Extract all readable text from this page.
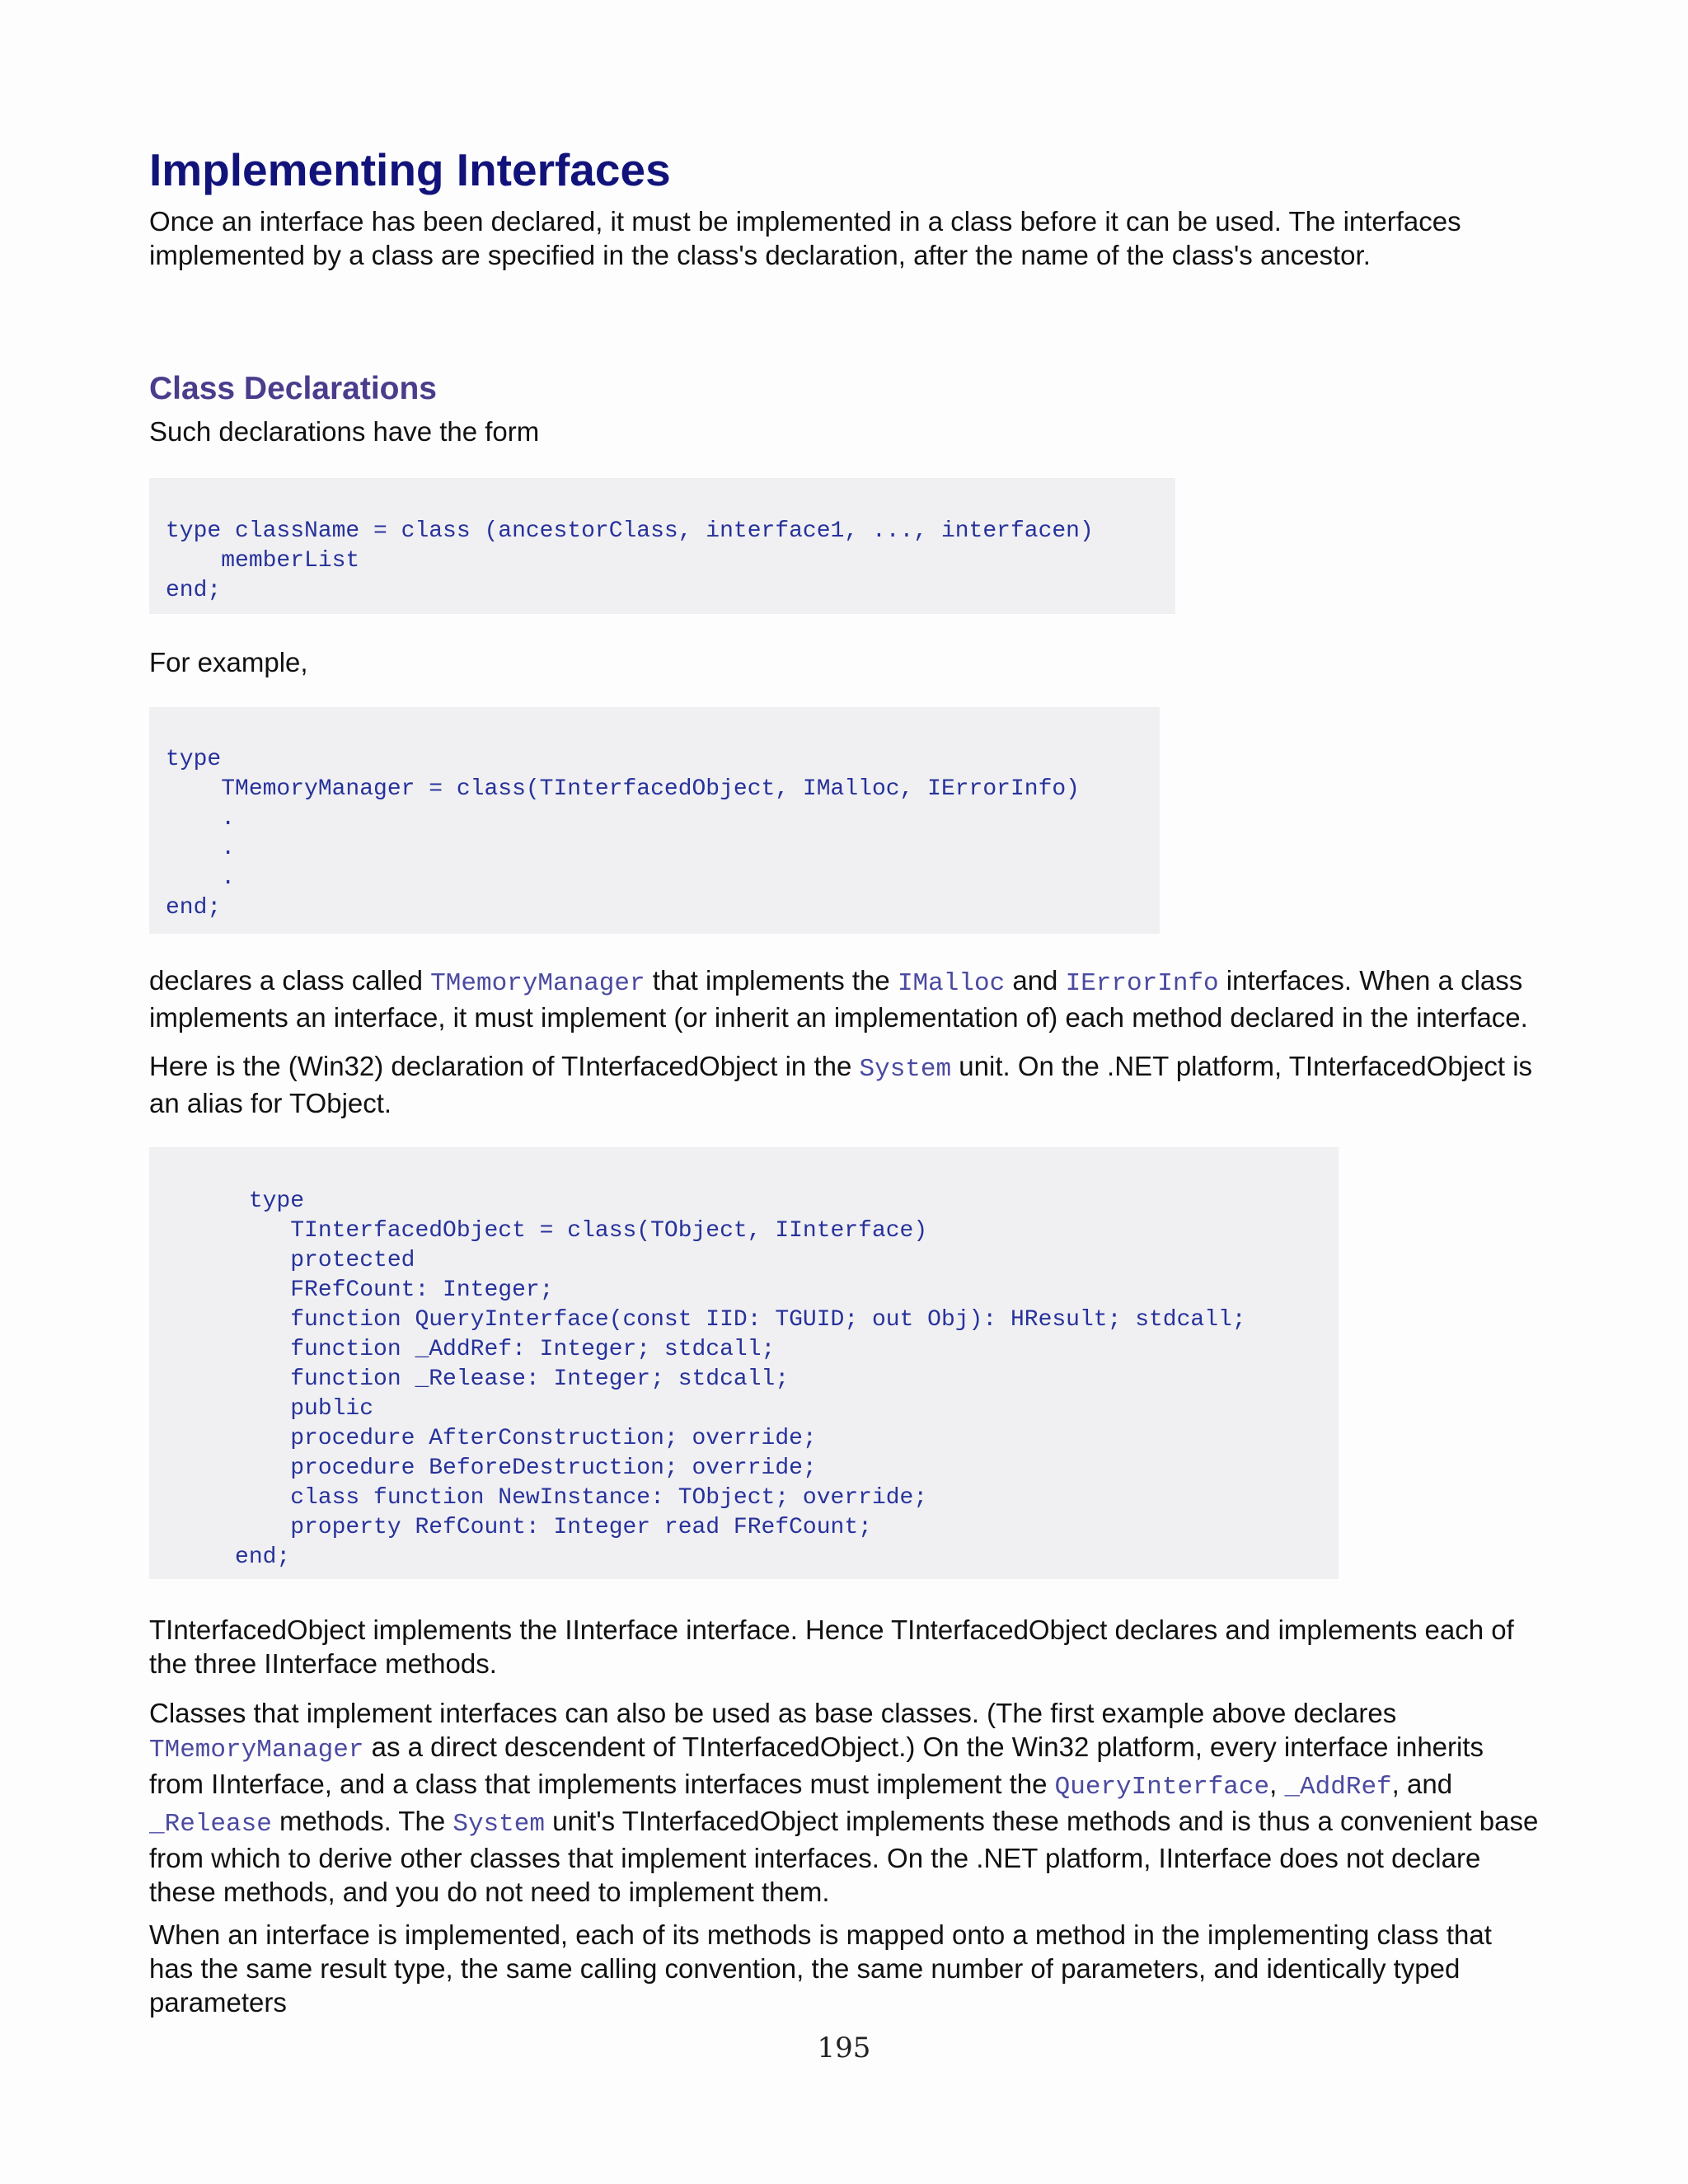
Implementing Interfaces

Once an interface has been declared, it must be implemented in a class before it can be used. The interfaces implemented by a class are specified in the class's declaration, after the name of the class's ancestor.

Class Declarations

Such declarations have the form

type className = class (ancestorClass, interface1, ..., interfacen)
memberList
end;

For example,

type
TMemoryManager = class(TInterfacedObject, IMalloc, IErrorInfo)
.
.
.
end;

declares a class called TMemoryManager that implements the IMalloc and IErrorInfo interfaces. When a class implements an interface, it must implement (or inherit an implementation of) each method declared in the interface.

Here is the (Win32) declaration of TInterfacedObject in the System unit. On the .NET platform, TInterfacedObject is an alias for TObject.

type
TInterfacedObject = class(TObject, IInterface)
protected
FRefCount: Integer;
function QueryInterface(const IID: TGUID; out Obj): HResult; stdcall;
function _AddRef: Integer; stdcall;
function _Release: Integer; stdcall;
public
procedure AfterConstruction; override;
procedure BeforeDestruction; override;
class function NewInstance: TObject; override;
property RefCount: Integer read FRefCount;
end;

TInterfacedObject implements the IInterface interface. Hence TInterfacedObject declares and implements each of the three IInterface methods.

Classes that implement interfaces can also be used as base classes. (The first example above declares TMemoryManager as a direct descendent of TInterfacedObject.) On the Win32 platform, every interface inherits from IInterface, and a class that implements interfaces must implement the QueryInterface, _AddRef, and _Release methods. The System unit's TInterfacedObject implements these methods and is thus a convenient base from which to derive other classes that implement interfaces. On the .NET platform, IInterface does not declare these methods, and you do not need to implement them.

When an interface is implemented, each of its methods is mapped onto a method in the implementing class that has the same result type, the same calling convention, the same number of parameters, and identically typed parameters

195
